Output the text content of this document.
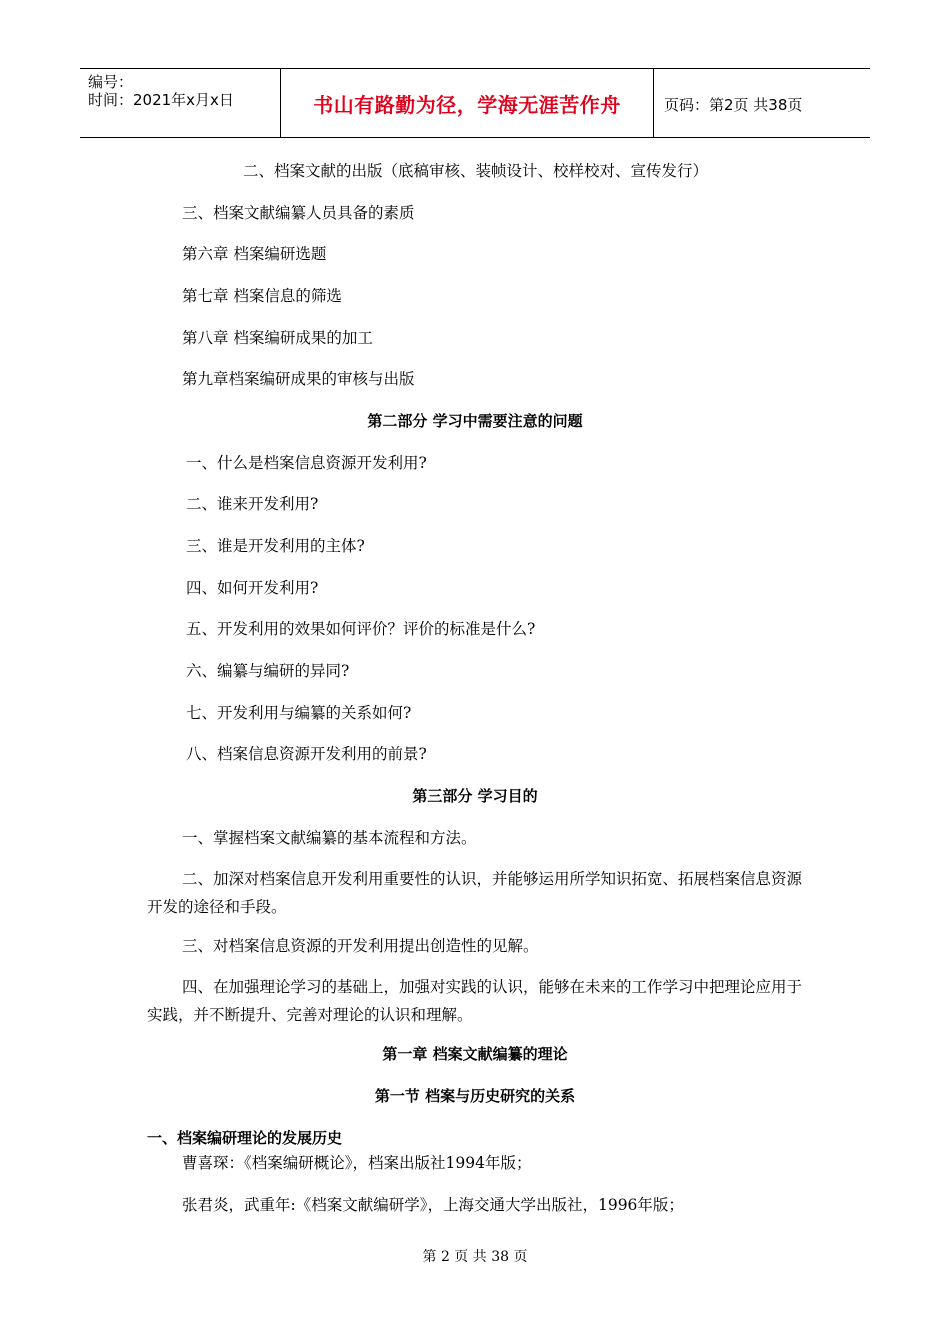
编号：
时间：2021年x月x日	书山有路勤为径，学海无涯苦作舟	页码：第2页 共38页
二、档案文献的出版（底稿审核、装帧设计、校样校对、宣传发行）
三、档案文献编纂人员具备的素质
第六章 档案编研选题
第七章 档案信息的筛选
第八章 档案编研成果的加工
第九章档案编研成果的审核与出版
第二部分 学习中需要注意的问题
一、什么是档案信息资源开发利用?
二、谁来开发利用?
三、谁是开发利用的主体?
四、如何开发利用?
五、开发利用的效果如何评价？评价的标准是什么?
六、编纂与编研的异同?
七、开发利用与编纂的关系如何?
八、档案信息资源开发利用的前景?
第三部分 学习目的
一、掌握档案文献编纂的基本流程和方法。
二、加深对档案信息开发利用重要性的认识，并能够运用所学知识拓宽、拓展档案信息资源开发的途径和手段。
三、对档案信息资源的开发利用提出创造性的见解。
四、在加强理论学习的基础上，加强对实践的认识，能够在未来的工作学习中把理论应用于实践，并不断提升、完善对理论的认识和理解。
第一章 档案文献编纂的理论
第一节 档案与历史研究的关系
一、档案编研理论的发展历史
曹喜琛：《档案编研概论》，档案出版社1994年版；
张君炎，武重年:《档案文献编研学》，上海交通大学出版社，1996年版；
第 2 页 共 38 页
